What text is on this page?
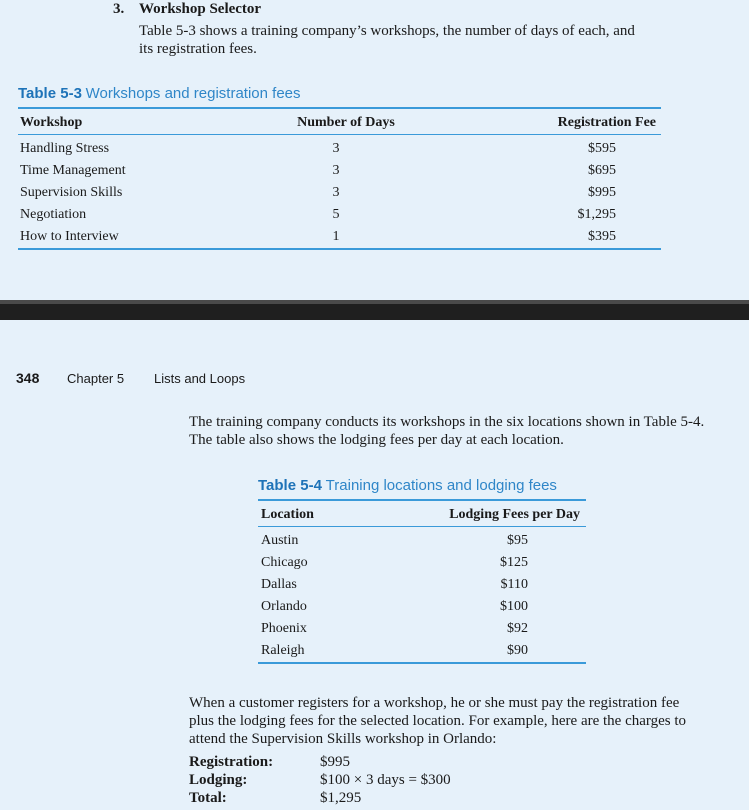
3. Workshop Selector
Table 5-3 shows a training company’s workshops, the number of days of each, and
its registration fees.
Table 5-3 Workshops and registration fees
Workshop	Number of Days	Registration Fee
Handling Stress	3	$595
Time Management	3	$695
Supervision Skills	3	$995
Negotiation	5	$1,295
How to Interview	1	$395
348 Chapter 5 Lists and Loops
The training company conducts its workshops in the six locations shown in Table 5-4.
The table also shows the lodging fees per day at each location.
Table 5-4 Training locations and lodging fees
Location	Lodging Fees per Day
Austin	$95
Chicago	$125
Dallas	$110
Orlando	$100
Phoenix	$92
Raleigh	$90
When a customer registers for a workshop, he or she must pay the registration fee
plus the lodging fees for the selected location. For example, here are the charges to
attend the Supervision Skills workshop in Orlando:
Registration:	$995
Lodging:	$100 × 3 days = $300
Total:	$1,295
